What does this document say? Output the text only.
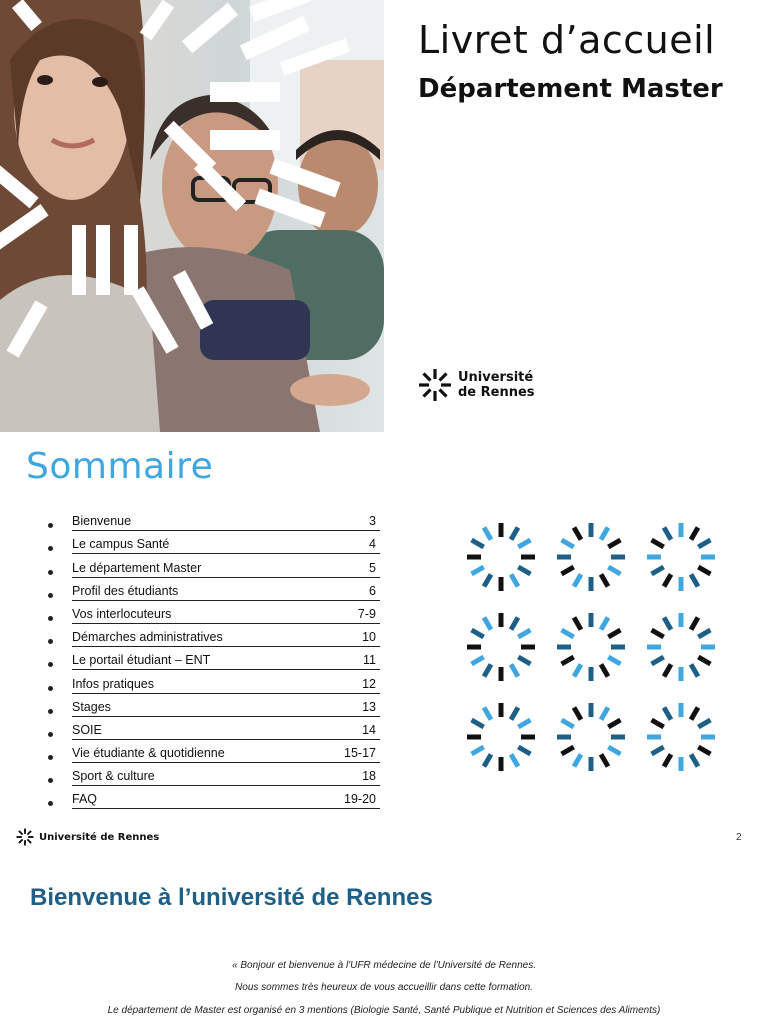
Livret d’accueil
Département Master
Université de Rennes
Sommaire
Bienvenue	3
Le campus Santé	4
Le département Master	5
Profil des étudiants	6
Vos interlocuteurs	7-9
Démarches administratives	10
Le portail étudiant – ENT	11
Infos pratiques	12
Stages	13
SOIE	14
Vie étudiante & quotidienne	15-17
Sport & culture	18
FAQ	19-20
Université de Rennes	2
Bienvenue à l’université de Rennes

« Bonjour et bienvenue à l'UFR médecine de l'Université de Rennes.

Nous sommes très heureux de vous accueillir dans cette formation.

Le département de Master est organisé en 3 mentions (Biologie Santé, Santé Publique et Nutrition et Sciences des Aliments)
